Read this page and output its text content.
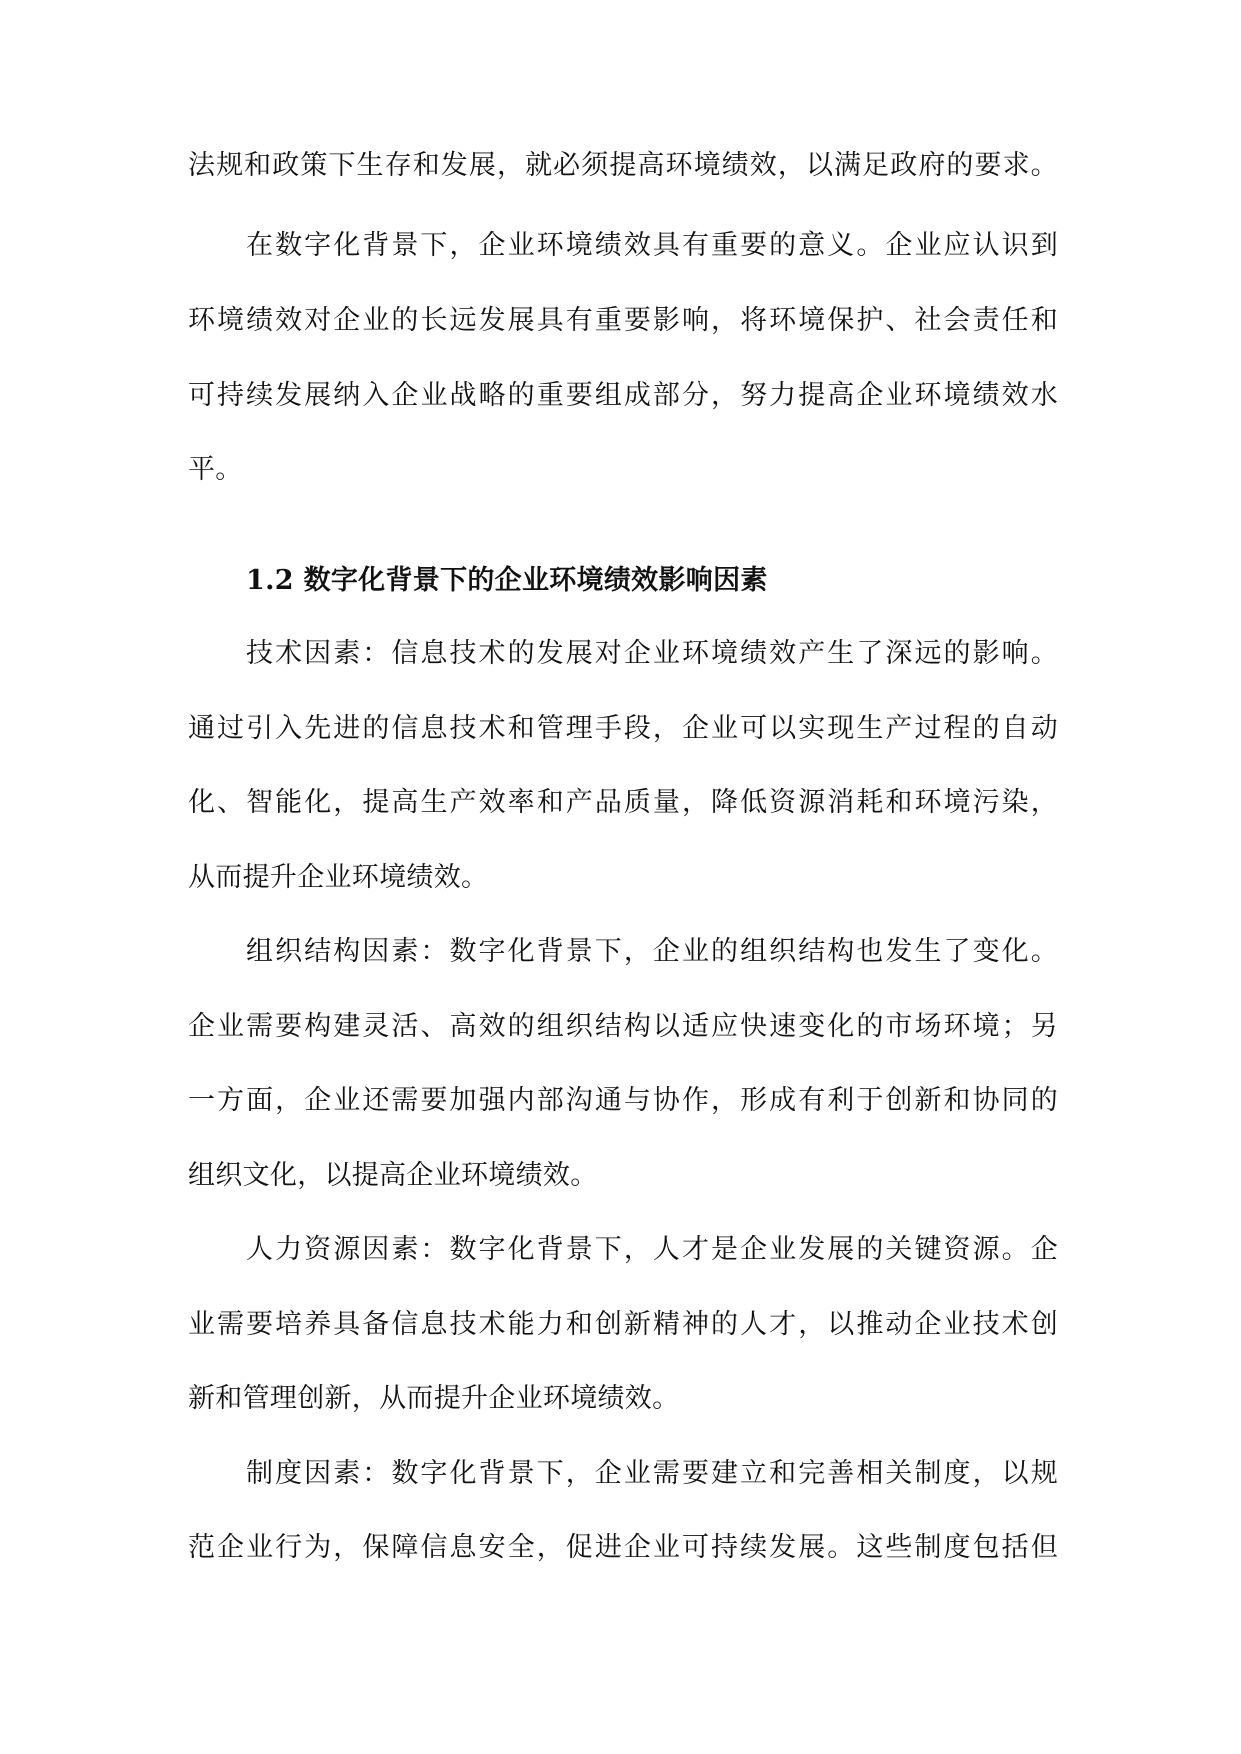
法规和政策下生存和发展，就必须提高环境绩效，以满足政府的要求。
在数字化背景下，企业环境绩效具有重要的意义。企业应认识到
环境绩效对企业的长远发展具有重要影响，将环境保护、社会责任和
可持续发展纳入企业战略的重要组成部分，努力提高企业环境绩效水
平。
1.2 数字化背景下的企业环境绩效影响因素
技术因素：信息技术的发展对企业环境绩效产生了深远的影响。
通过引入先进的信息技术和管理手段，企业可以实现生产过程的自动
化、智能化，提高生产效率和产品质量，降低资源消耗和环境污染，
从而提升企业环境绩效。
组织结构因素：数字化背景下，企业的组织结构也发生了变化。
企业需要构建灵活、高效的组织结构以适应快速变化的市场环境；另
一方面，企业还需要加强内部沟通与协作，形成有利于创新和协同的
组织文化，以提高企业环境绩效。
人力资源因素：数字化背景下，人才是企业发展的关键资源。企
业需要培养具备信息技术能力和创新精神的人才，以推动企业技术创
新和管理创新，从而提升企业环境绩效。
制度因素：数字化背景下，企业需要建立和完善相关制度，以规
范企业行为，保障信息安全，促进企业可持续发展。这些制度包括但
